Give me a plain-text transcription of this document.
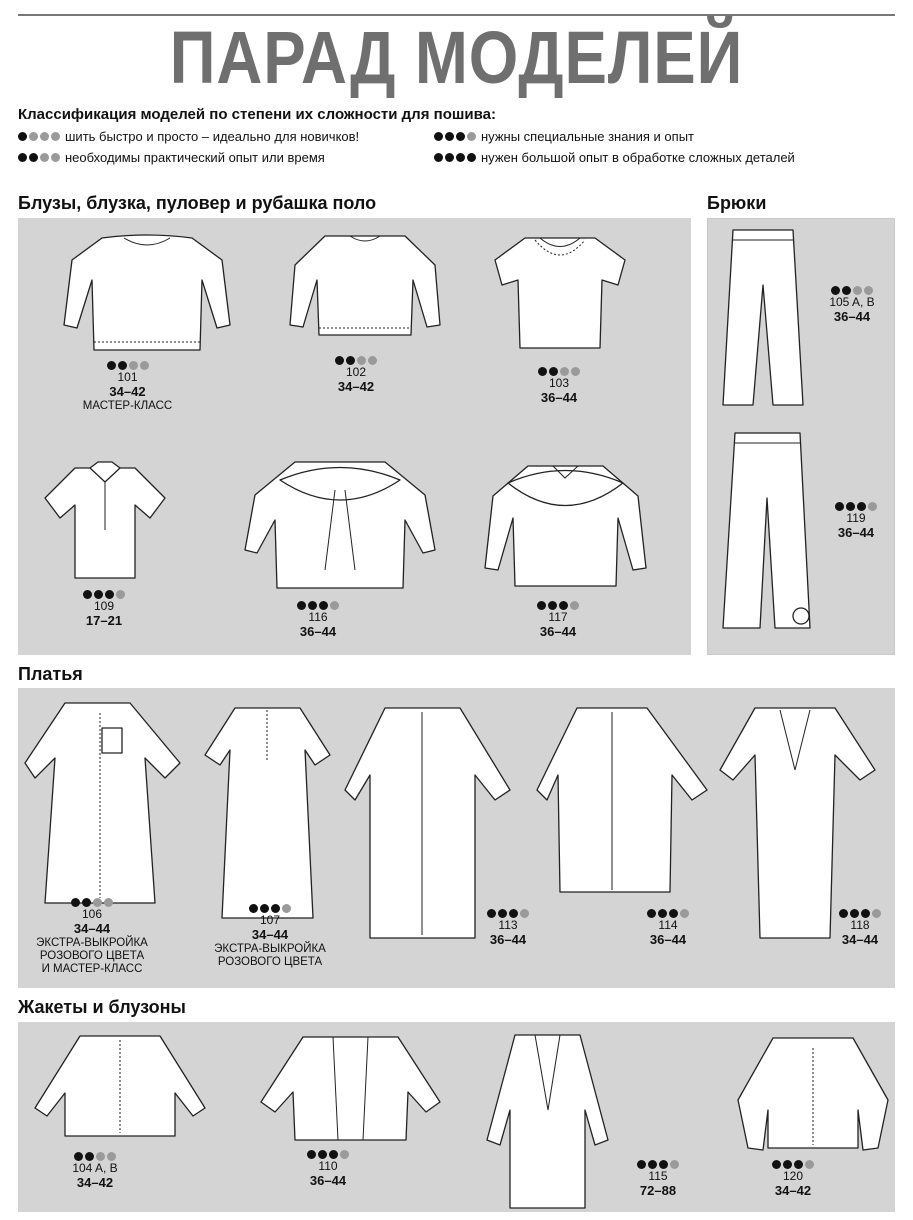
ПАРАД МОДЕЛЕЙ
Классификация моделей по степени их сложности для пошива:
шить быстро и просто – идеально для новичков!
необходимы практический опыт или время
нужны специальные знания и опыт
нужен большой опыт в обработке сложных деталей
Блузы, блузка, пуловер и рубашка поло	Брюки
Платья
Жакеты и блузоны
101
34–42
МАСТЕР-КЛАСС
102
34–42	103
36–44
109
17–21	116
36–44
117
36–44
105 A, B
36–44
119
36–44
106
34–44
ЭКСТРА-ВЫКРОЙКА
РОЗОВОГО ЦВЕТА
И МАСТЕР-КЛАСС
107
34–44
ЭКСТРА-ВЫКРОЙКА
РОЗОВОГО ЦВЕТА
113
36–44
114
36–44
118
34–44
104 A, B
34–42
110
36–44	115
72–88
120
34–42
